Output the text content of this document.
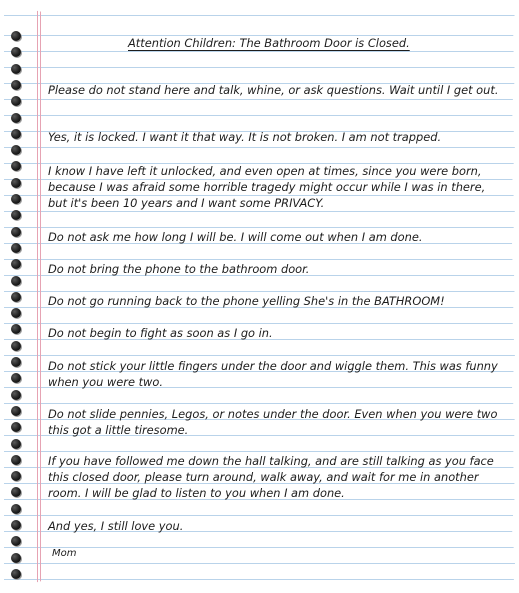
Attention Children: The Bathroom Door is Closed.

Please do not stand here and talk, whine, or ask questions. Wait until I get out.

Yes, it is locked. I want it that way. It is not broken. I am not trapped.

I know I have left it unlocked, and even open at times, since you were born, because I was afraid some horrible tragedy might occur while I was in there, but it's been 10 years and I want some PRIVACY.

Do not ask me how long I will be. I will come out when I am done.

Do not bring the phone to the bathroom door.

Do not go running back to the phone yelling She's in the BATHROOM!

Do not begin to fight as soon as I go in.

Do not stick your little fingers under the door and wiggle them. This was funny when you were two.

Do not slide pennies, Legos, or notes under the door. Even when you were two this got a little tiresome.

If you have followed me down the hall talking, and are still talking as you face this closed door, please turn around, walk away, and wait for me in another room. I will be glad to listen to you when I am done.

And yes, I still love you.

Mom
